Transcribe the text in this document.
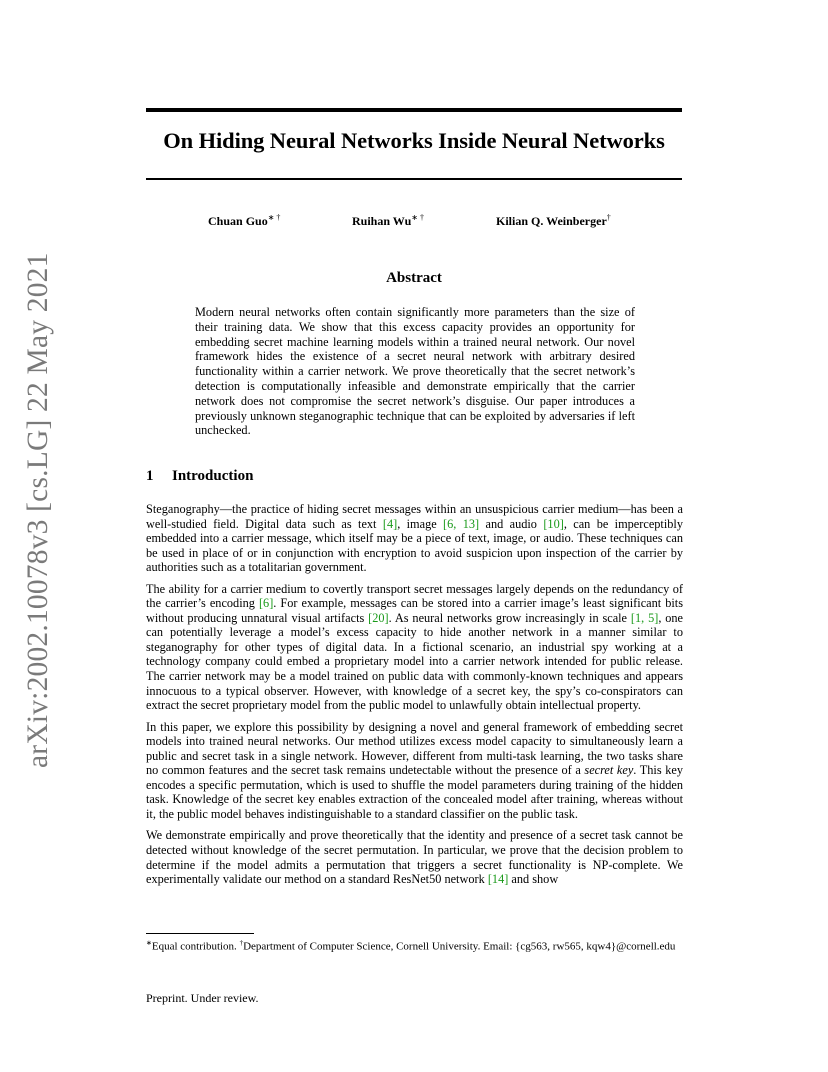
arXiv:2002.10078v3 [cs.LG] 22 May 2021
On Hiding Neural Networks Inside Neural Networks
Chuan Guo∗ †	Ruihan Wu∗ †	Kilian Q. Weinberger†
Abstract
Modern neural networks often contain significantly more parameters than the size of their training data. We show that this excess capacity provides an opportunity for embedding secret machine learning models within a trained neural network. Our novel framework hides the existence of a secret neural network with arbitrary desired functionality within a carrier network. We prove theoretically that the secret network’s detection is computationally infeasible and demonstrate empirically that the carrier network does not compromise the secret network’s disguise. Our paper introduces a previously unknown steganographic technique that can be exploited by adversaries if left unchecked.
1 Introduction

Steganography—the practice of hiding secret messages within an unsuspicious carrier medium—has been a well-studied field. Digital data such as text [4], image [6, 13] and audio [10], can be imperceptibly embedded into a carrier message, which itself may be a piece of text, image, or audio. These techniques can be used in place of or in conjunction with encryption to avoid suspicion upon inspection of the carrier by authorities such as a totalitarian government.

The ability for a carrier medium to covertly transport secret messages largely depends on the redundancy of the carrier’s encoding [6]. For example, messages can be stored into a carrier image’s least significant bits without producing unnatural visual artifacts [20]. As neural networks grow increasingly in scale [1, 5], one can potentially leverage a model’s excess capacity to hide another network in a manner similar to steganography for other types of digital data. In a fictional scenario, an industrial spy working at a technology company could embed a proprietary model into a carrier network intended for public release. The carrier network may be a model trained on public data with commonly-known techniques and appears innocuous to a typical observer. However, with knowledge of a secret key, the spy’s co-conspirators can extract the secret proprietary model from the public model to unlawfully obtain intellectual property.

In this paper, we explore this possibility by designing a novel and general framework of embedding secret models into trained neural networks. Our method utilizes excess model capacity to simultaneously learn a public and secret task in a single network. However, different from multi-task learning, the two tasks share no common features and the secret task remains undetectable without the presence of a secret key. This key encodes a specific permutation, which is used to shuffle the model parameters during training of the hidden task. Knowledge of the secret key enables extraction of the concealed model after training, whereas without it, the public model behaves indistinguishable to a standard classifier on the public task.

We demonstrate empirically and prove theoretically that the identity and presence of a secret task cannot be detected without knowledge of the secret permutation. In particular, we prove that the decision problem to determine if the model admits a permutation that triggers a secret functionality is NP-complete. We experimentally validate our method on a standard ResNet50 network [14] and show

∗Equal contribution. †Department of Computer Science, Cornell University. Email: {cg563, rw565, kqw4}@cornell.edu
Preprint. Under review.
